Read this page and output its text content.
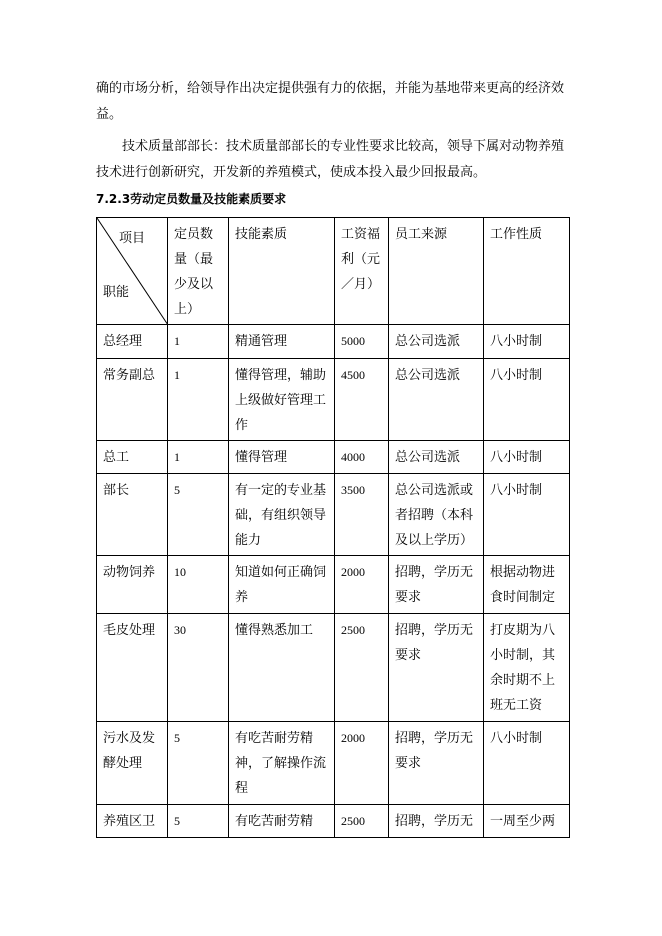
确的市场分析，给领导作出决定提供强有力的依据，并能为基地带来更高的经济效益。
技术质量部部长：技术质量部部长的专业性要求比较高，领导下属对动物养殖技术进行创新研究，开发新的养殖模式，使成本投入最少回报最高。
7.2.3劳动定员数量及技能素质要求
项目
职能	定员数量（最少及以上）	技能素质	工资福利（元／月）	员工来源	工作性质
总经理	1	精通管理	5000	总公司选派	八小时制
常务副总	1	懂得管理，辅助上级做好管理工作	4500	总公司选派	八小时制
总工	1	懂得管理	4000	总公司选派	八小时制
部长	5	有一定的专业基础，有组织领导能力	3500	总公司选派或者招聘（本科及以上学历）	八小时制
动物饲养	10	知道如何正确饲养	2000	招聘，学历无要求	根据动物进食时间制定
毛皮处理	30	懂得熟悉加工	2500	招聘，学历无要求	打皮期为八小时制，其余时期不上班无工资
污水及发酵处理	5	有吃苦耐劳精神，了解操作流程	2000	招聘，学历无要求	八小时制
养殖区卫	5	有吃苦耐劳精	2500	招聘，学历无	一周至少两
